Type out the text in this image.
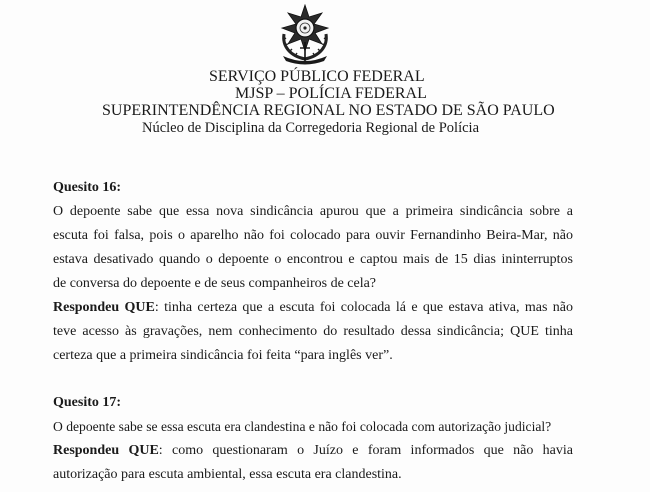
SERVIÇO PÚBLICO FEDERAL
MJSP – POLÍCIA FEDERAL
SUPERINTENDÊNCIA REGIONAL NO ESTADO DE SÃO PAULO
Núcleo de Disciplina da Corregedoria Regional de Polícia
Quesito 16:
O depoente sabe que essa nova sindicância apurou que a primeira sindicância sobre a
escuta foi falsa, pois o aparelho não foi colocado para ouvir Fernandinho Beira-Mar, não
estava desativado quando o depoente o encontrou e captou mais de 15 dias ininterruptos
de conversa do depoente e de seus companheiros de cela?
Respondeu QUE: tinha certeza que a escuta foi colocada lá e que estava ativa, mas não
teve acesso às gravações, nem conhecimento do resultado dessa sindicância; QUE tinha
certeza que a primeira sindicância foi feita “para inglês ver”.
Quesito 17:
O depoente sabe se essa escuta era clandestina e não foi colocada com autorização judicial?
Respondeu QUE: como questionaram o Juízo e foram informados que não havia
autorização para escuta ambiental, essa escuta era clandestina.
